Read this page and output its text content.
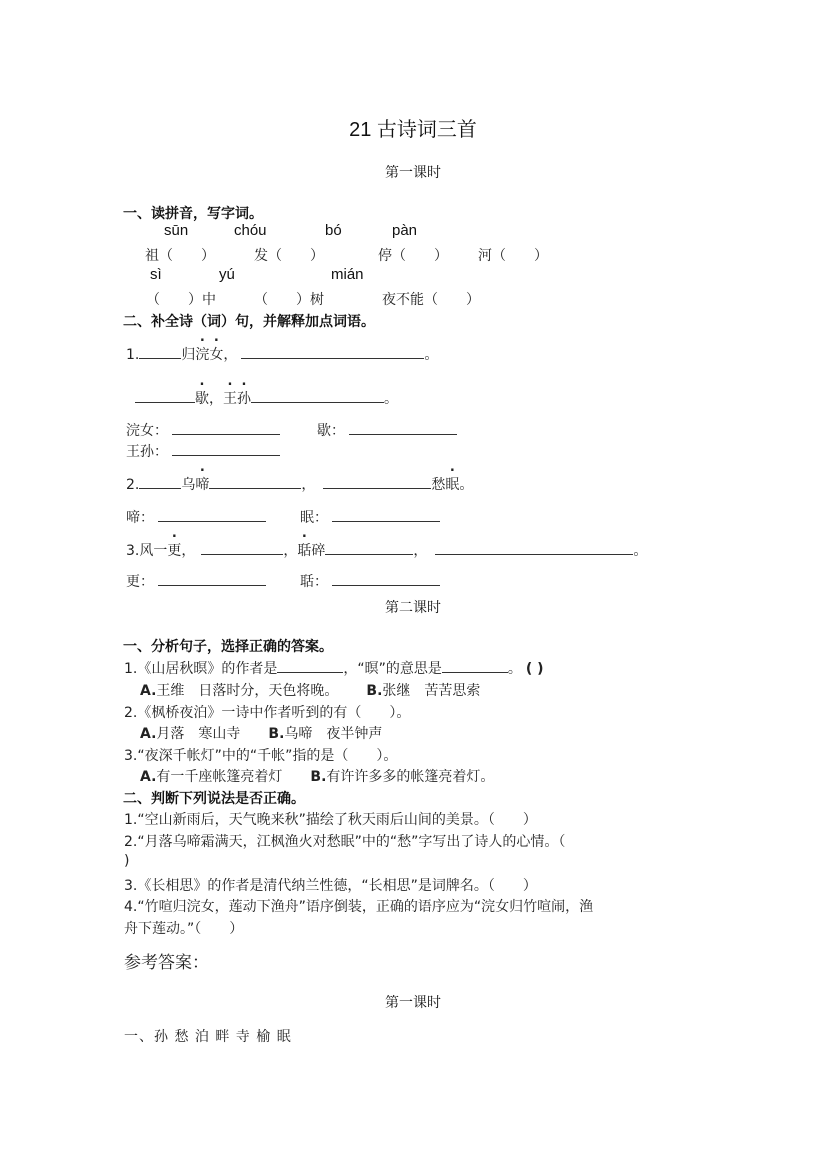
21 古诗词三首
第一课时
一、读拼音，写字词。
sūn	chóu	bó	pàn
祖（　　）	发（　　）	停（　　） 河（　　）
sì	yú	mián
（　　）中	（　　）树	夜不能（　　）
二、补全诗（词）句，并解释加点词语。
1.	归浣女，	。
歇，王孙	。
浣女：	歇：
王孙：
2.	乌啼	，	愁眠。
啼：	眠：
3.风一更，	，聒碎	，	。
更：	聒：
第二课时
一、分析句子，选择正确的答案。
1.《山居秋暝》的作者是	，“暝”的意思是	。 ( )
A.王维　日落时分，天色将晚。 B.张继　苦苦思索
2.《枫桥夜泊》一诗中作者听到的有（　　）。
A.月落　寒山寺 B.乌啼　夜半钟声
3.“夜深千帐灯”中的“千帐”指的是（　　）。
A.有一千座帐篷亮着灯 B.有许许多多的帐篷亮着灯。
二、判断下列说法是否正确。
1.“空山新雨后，天气晚来秋”描绘了秋天雨后山间的美景。（　　）
2.“月落乌啼霜满天，江枫渔火对愁眠”中的“愁”字写出了诗人的心情。（
)
3.《长相思》的作者是清代纳兰性德，“长相思”是词牌名。（　　）
4.“竹喧归浣女，莲动下渔舟”语序倒装，正确的语序应为“浣女归竹喧闹，渔
舟下莲动。”（　　）
参考答案：
第一课时
一、孙 愁 泊 畔 寺 榆 眠
